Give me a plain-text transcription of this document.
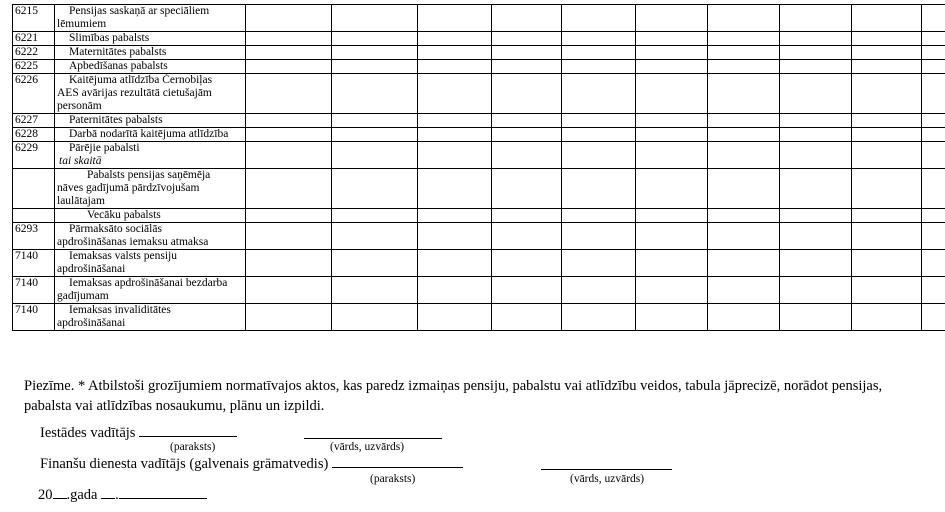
6215	Pensijas saskaņā ar speciāliem
lēmumiem										

6221	Slimības pabalsts										

6222	Maternitātes pabalsts										

6225	Apbedīšanas pabalsts										

6226	Kaitējuma atlīdzība Černobiļas
AES avārijas rezultātā cietušajām
personām										

6227	Paternitātes pabalsts										

6228	Darbā nodarītā kaitējuma atlīdzība										

6229	Pārējie pabalsti
tai skaitā										

	Pabalsts pensijas saņēmēja
nāves gadījumā pārdzīvojušam
laulātajam										

	Vecāku pabalsts										

6293	Pārmaksāto sociālās
apdrošināšanas iemaksu atmaksa										

7140	Iemaksas valsts pensiju
apdrošināšanai										

7140	Iemaksas apdrošināšanai bezdarba
gadījumam										

7140	Iemaksas invaliditātes
apdrošināšanai										

Piezīme. * Atbilstoši grozījumiem normatīvajos aktos, kas paredz izmaiņas pensiju, pabalstu vai atlīdzību veidos, tabula jāprecizē, norādot pensijas, pabalsta vai atlīdzības nosaukumu, plānu un izpildi.
Iestādes vadītājs
(paraksts)	(vārds, uzvārds)
Finanšu dienesta vadītājs (galvenais grāmatvedis)
(paraksts)	(vārds, uzvārds)
20 .gada .
